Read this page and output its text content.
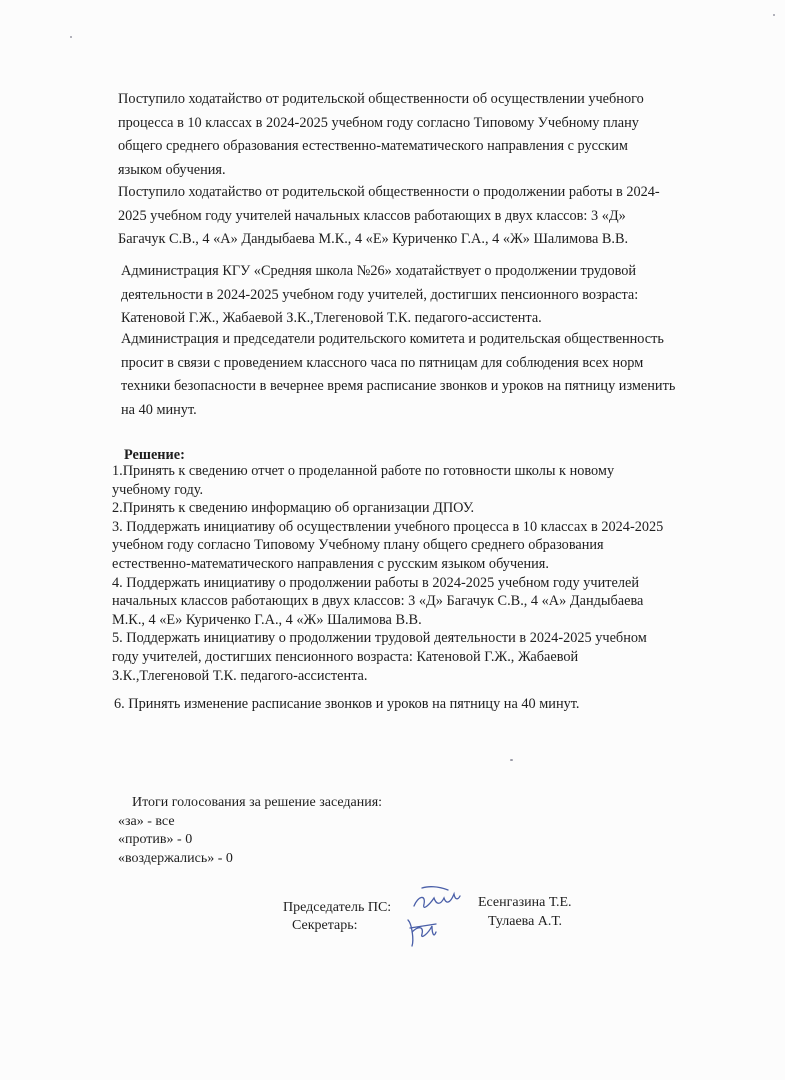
Поступило ходатайство от родительской общественности об осуществлении учебного
процесса в 10 классах в 2024-2025 учебном году согласно Типовому Учебному плану
общего среднего образования естественно-математического направления с русским
языком обучения.
Поступило ходатайство от родительской общественности о продолжении работы в 2024-
2025 учебном году учителей начальных классов работающих в двух классов: 3 «Д»
Багачук С.В., 4 «А» Дандыбаева М.К., 4 «Е» Куриченко Г.А., 4 «Ж» Шалимова В.В.
Администрация КГУ «Средняя школа №26» ходатайствует о продолжении трудовой
деятельности в 2024-2025 учебном году учителей, достигших пенсионного возраста:
Катеновой Г.Ж., Жабаевой З.К.,Тлегеновой Т.К. педагого-ассистента.
Администрация и председатели родительского комитета и родительская общественность
просит в связи с проведением классного часа по пятницам для соблюдения всех норм
техники безопасности в вечернее время расписание звонков и уроков на пятницу изменить
на 40 минут.

Решение:

1.Принять к сведению отчет о проделанной работе по готовности школы к новому
учебному году.
2.Принять к сведению информацию об организации ДПОУ.
3. Поддержать инициативу об осуществлении учебного процесса в 10 классах в 2024-2025
учебном году согласно Типовому Учебному плану общего среднего образования
естественно-математического направления с русским языком обучения.
4. Поддержать инициативу о продолжении работы в 2024-2025 учебном году учителей
начальных классов работающих в двух классов: 3 «Д» Багачук С.В., 4 «А» Дандыбаева
М.К., 4 «Е» Куриченко Г.А., 4 «Ж» Шалимова В.В.
5. Поддержать инициативу о продолжении трудовой деятельности в 2024-2025 учебном
году учителей, достигших пенсионного возраста: Катеновой Г.Ж., Жабаевой
З.К.,Тлегеновой Т.К. педагого-ассистента.
6. Принять изменение расписание звонков и уроков на пятницу на 40 минут.
Итоги голосования за решение заседания:
«за» - все
«против» - 0
«воздержались» - 0
Председатель ПС:	Есенгазина Т.Е.
Секретарь:	Тулаева А.Т.
